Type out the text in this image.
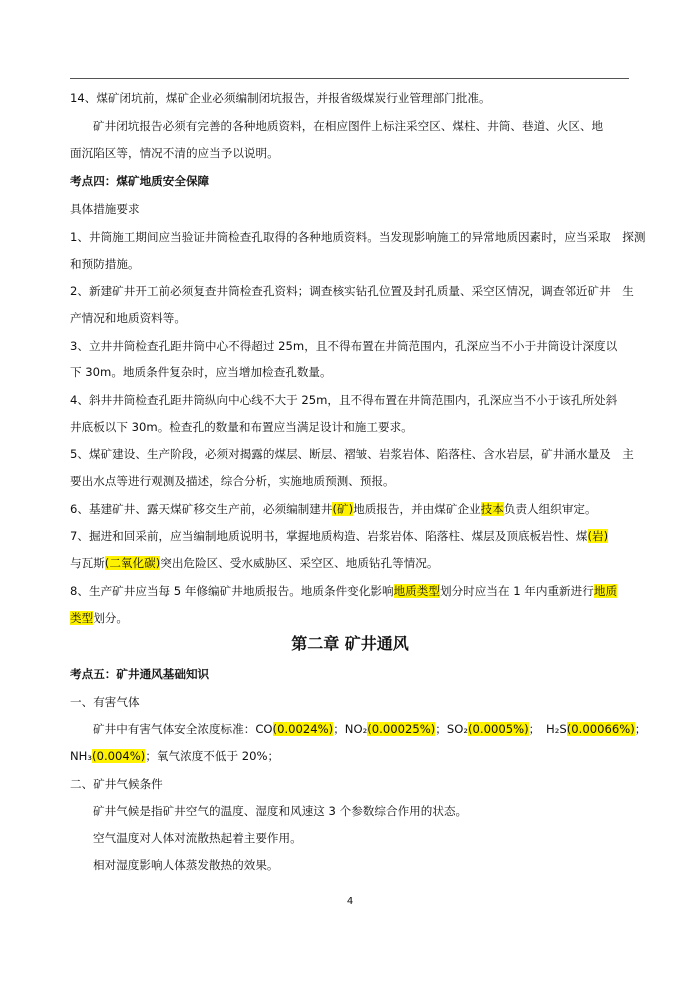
14、煤矿闭坑前，煤矿企业必须编制闭坑报告，并报省级煤炭行业管理部门批准。
矿井闭坑报告必须有完善的各种地质资料，在相应图件上标注采空区、煤柱、井筒、巷道、火区、地
面沉陷区等，情况不清的应当予以说明。
考点四：煤矿地质安全保障
具体措施要求
1、井筒施工期间应当验证井筒检查孔取得的各种地质资料。当发现影响施工的异常地质因素时，应当采取　探测
和预防措施。
2、新建矿井开工前必须复查井筒检查孔资料；调查核实钻孔位置及封孔质量、采空区情况，调查邻近矿井　生
产情况和地质资料等。
3、立井井筒检查孔距井筒中心不得超过 25m，且不得布置在井筒范围内，孔深应当不小于井筒设计深度以
下 30m。地质条件复杂时，应当增加检查孔数量。
4、斜井井筒检查孔距井筒纵向中心线不大于 25m，且不得布置在井筒范围内，孔深应当不小于该孔所处斜
井底板以下 30m。检查孔的数量和布置应当满足设计和施工要求。
5、煤矿建设、生产阶段，必须对揭露的煤层、断层、褶皱、岩浆岩体、陷落柱、含水岩层，矿井涌水量及　主
要出水点等进行观测及描述，综合分析，实施地质预测、预报。
6、基建矿井、露天煤矿移交生产前，必须编制建井(矿)地质报告，并由煤矿企业技本负责人组织审定。
7、掘进和回采前，应当编制地质说明书，掌握地质构造、岩浆岩体、陷落柱、煤层及顶底板岩性、煤(岩)
与瓦斯(二氧化碳)突出危险区、受水威胁区、采空区、地质钻孔等情况。
8、生产矿井应当每 5 年修编矿井地质报告。地质条件变化影响地质类型划分时应当在 1 年内重新进行地质
类型划分。
第二章 矿井通风
考点五：矿井通风基础知识
一、有害气体
矿井中有害气体安全浓度标准：CO(0.0024%)；NO₂(0.00025%)；SO₂(0.0005%)；　H₂S(0.00066%)；
NH₃(0.004%)；氧气浓度不低于 20%；
二、矿井气候条件
矿井气候是指矿井空气的温度、湿度和风速这 3 个参数综合作用的状态。
空气温度对人体对流散热起着主要作用。
相对湿度影响人体蒸发散热的效果。
4
